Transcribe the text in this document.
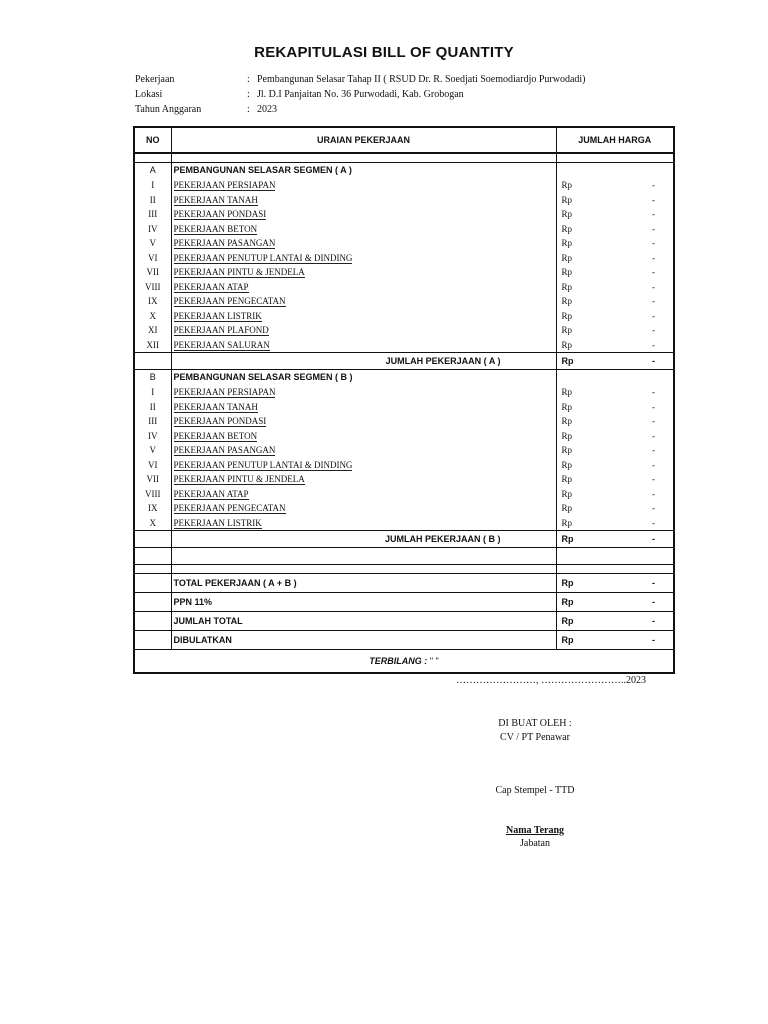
REKAPITULASI BILL OF QUANTITY
Pekerjaan	: Pembangunan Selasar Tahap II ( RSUD Dr. R. Soedjati Soemodiardjo Purwodadi)
Lokasi	: Jl. D.I Panjaitan No. 36 Purwodadi, Kab. Grobogan
Tahun Anggaran	: 2023
NO	URAIAN PEKERJAAN	JUMLAH HARGA

A	PEMBANGUNAN SELASAR SEGMEN ( A )	
I	PEKERJAAN PERSIAPAN	Rp -

II	PEKERJAAN TANAH	Rp -

III	PEKERJAAN PONDASI	Rp -

IV	PEKERJAAN BETON	Rp -

V	PEKERJAAN PASANGAN	Rp -

VI	PEKERJAAN PENUTUP LANTAI & DINDING	Rp -

VII	PEKERJAAN PINTU & JENDELA	Rp -

VIII	PEKERJAAN ATAP	Rp -

IX	PEKERJAAN PENGECATAN	Rp -

X	PEKERJAAN LISTRIK	Rp -

XI	PEKERJAAN PLAFOND	Rp -

XII	PEKERJAAN SALURAN	Rp -

	JUMLAH PEKERJAAN ( A )	Rp -

B	PEMBANGUNAN SELASAR SEGMEN ( B )	
I	PEKERJAAN PERSIAPAN	Rp -

II	PEKERJAAN TANAH	Rp -

III	PEKERJAAN PONDASI	Rp -

IV	PEKERJAAN BETON	Rp -

V	PEKERJAAN PASANGAN	Rp -

VI	PEKERJAAN PENUTUP LANTAI & DINDING	Rp -

VII	PEKERJAAN PINTU & JENDELA	Rp -

VIII	PEKERJAAN ATAP	Rp -

IX	PEKERJAAN PENGECATAN	Rp -

X	PEKERJAAN LISTRIK	Rp -

	JUMLAH PEKERJAAN ( B )	Rp -

	TOTAL PEKERJAAN ( A + B )	Rp -

	PPN 11%	Rp -

	JUMLAH TOTAL	Rp -

	DIBULATKAN	Rp -

TERBILANG : " "		
……………………, ……………………..2023
DI BUAT OLEH :
CV / PT Penawar
Cap Stempel - TTD
Nama Terang
Jabatan
